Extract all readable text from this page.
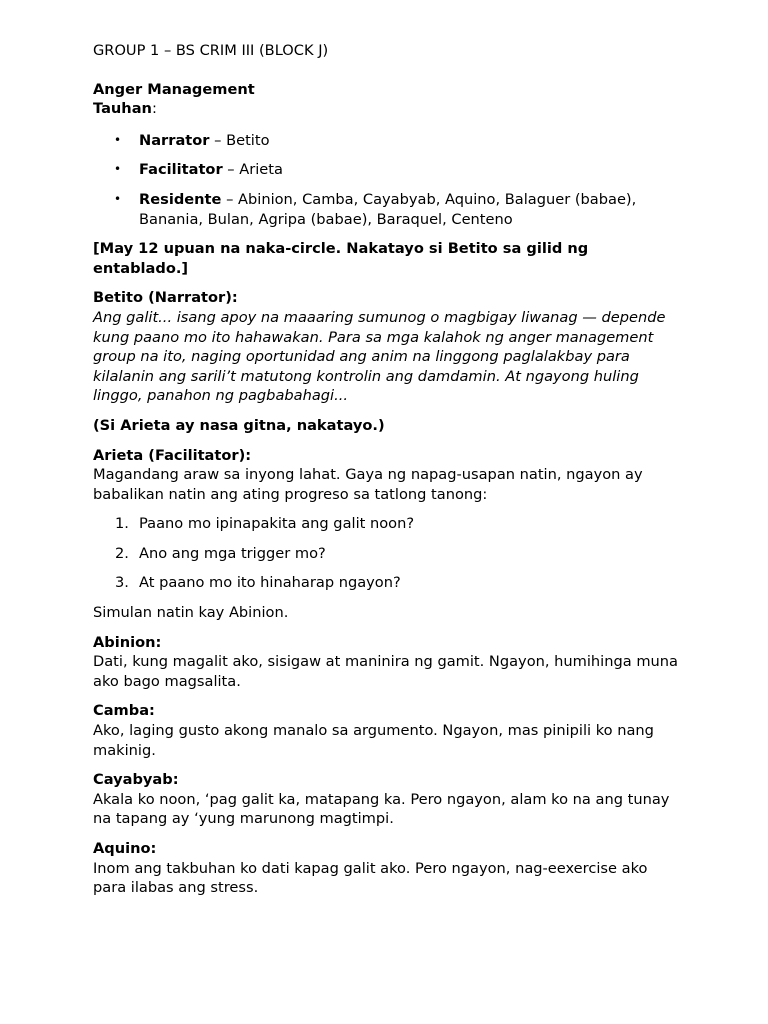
GROUP 1 – BS CRIM III (BLOCK J)

Anger Management

Tauhan:

• Narrator – Betito
• Facilitator – Arieta
• Residente – Abinion, Camba, Cayabyab, Aquino, Balaguer (babae), Banania, Bulan, Agripa (babae), Baraquel, Centeno

[May 12 upuan na naka-circle. Nakatayo si Betito sa gilid ng entablado.]

Betito (Narrator):

Ang galit... isang apoy na maaaring sumunog o magbigay liwanag — depende kung paano mo ito hahawakan. Para sa mga kalahok ng anger management group na ito, naging oportunidad ang anim na linggong paglalakbay para kilalanin ang sarili’t matutong kontrolin ang damdamin. At ngayong huling linggo, panahon ng pagbabahagi...

(Si Arieta ay nasa gitna, nakatayo.)

Arieta (Facilitator):

Magandang araw sa inyong lahat. Gaya ng napag-usapan natin, ngayon ay babalikan natin ang ating progreso sa tatlong tanong:

1. Paano mo ipinapakita ang galit noon?
2. Ano ang mga trigger mo?
3. At paano mo ito hinaharap ngayon?

Simulan natin kay Abinion.

Abinion:

Dati, kung magalit ako, sisigaw at maninira ng gamit. Ngayon, humihinga muna ako bago magsalita.

Camba:

Ako, laging gusto akong manalo sa argumento. Ngayon, mas pinipili ko nang makinig.

Cayabyab:

Akala ko noon, ‘pag galit ka, matapang ka. Pero ngayon, alam ko na ang tunay na tapang ay ‘yung marunong magtimpi.

Aquino:

Inom ang takbuhan ko dati kapag galit ako. Pero ngayon, nag-eexercise ako para ilabas ang stress.
